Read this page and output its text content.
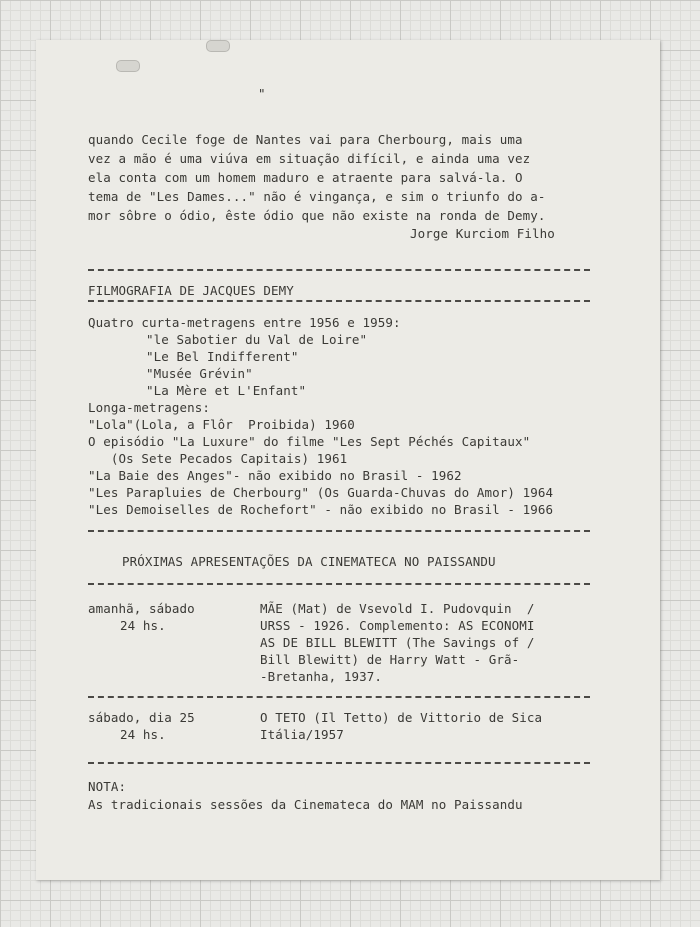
"
quando Cecile foge de Nantes vai para Cherbourg, mais uma
vez a mão é uma viúva em situação difícil, e ainda uma vez
ela conta com um homem maduro e atraente para salvá-la. O
tema de "Les Dames..." não é vingança, e sim o triunfo do a-
mor sôbre o ódio, êste ódio que não existe na ronda de Demy.
Jorge Kurciom Filho
FILMOGRAFIA DE JACQUES DEMY
Quatro curta-metragens entre 1956 e 1959:
"le Sabotier du Val de Loire"
"Le Bel Indifferent"
"Musée Grévin"
"La Mère et L'Enfant"
Longa-metragens:
"Lola"(Lola, a Flôr  Proibida) 1960
O episódio "La Luxure" do filme "Les Sept Péchés Capitaux"
(Os Sete Pecados Capitais) 1961
"La Baie des Anges"- não exibido no Brasil - 1962
"Les Parapluies de Cherbourg" (Os Guarda-Chuvas do Amor) 1964
"Les Demoiselles de Rochefort" - não exibido no Brasil - 1966
PRÓXIMAS APRESENTAÇÕES DA CINEMATECA NO PAISSANDU
amanhã, sábado
24 hs.
MÃE (Mat) de Vsevold I. Pudovquin  /
URSS - 1926. Complemento: AS ECONOMI
AS DE BILL BLEWITT (The Savings of /
Bill Blewitt) de Harry Watt - Grã-
-Bretanha, 1937.
sábado, dia 25
24 hs.
O TETO (Il Tetto) de Vittorio de Sica
Itália/1957
NOTA:
As tradicionais sessões da Cinemateca do MAM no Paissandu
